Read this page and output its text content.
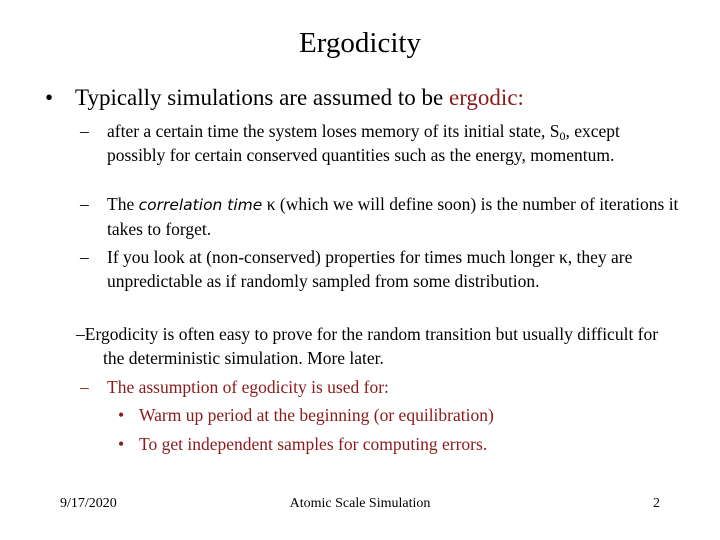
Ergodicity
• Typically simulations are assumed to be ergodic:
–	after a certain time the system loses memory of its initial state, $S_0$, except possibly for certain conserved quantities such as the energy, momentum.
–	The correlation time κ (which we will define soon) is the number of iterations it takes to forget.
–	If you look at (non-conserved) properties for times much longer κ, they are unpredictable as if randomly sampled from some distribution.
–Ergodicity is often easy to prove for the random transition but usually difficult for the deterministic simulation. More later.
–	The assumption of egodicity is used for:
• Warm up period at the beginning (or equilibration)
• To get independent samples for computing errors.
9/17/2020	Atomic Scale Simulation	2
